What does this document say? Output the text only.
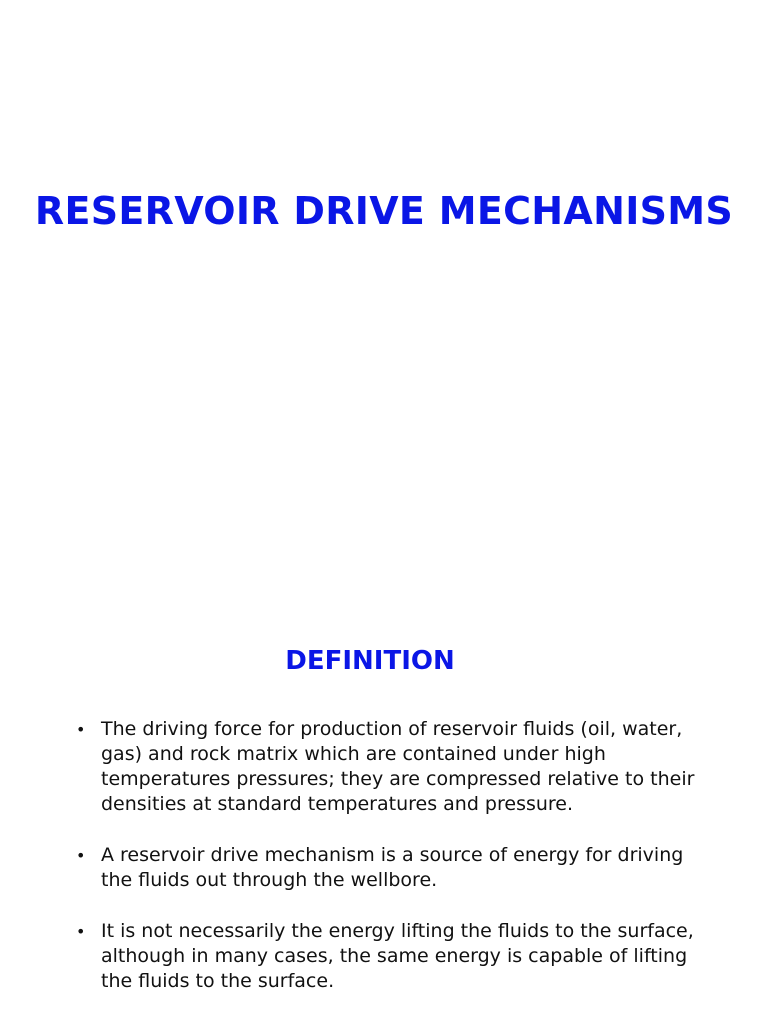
RESERVOIR DRIVE MECHANISMS
DEFINITION
• The driving force for production of reservoir fluids (oil, water, gas) and rock matrix which are contained under high temperatures pressures; they are compressed relative to their densities at standard temperatures and pressure.
• A reservoir drive mechanism is a source of energy for driving the fluids out through the wellbore.
• It is not necessarily the energy lifting the fluids to the surface, although in many cases, the same energy is capable of lifting the fluids to the surface.
